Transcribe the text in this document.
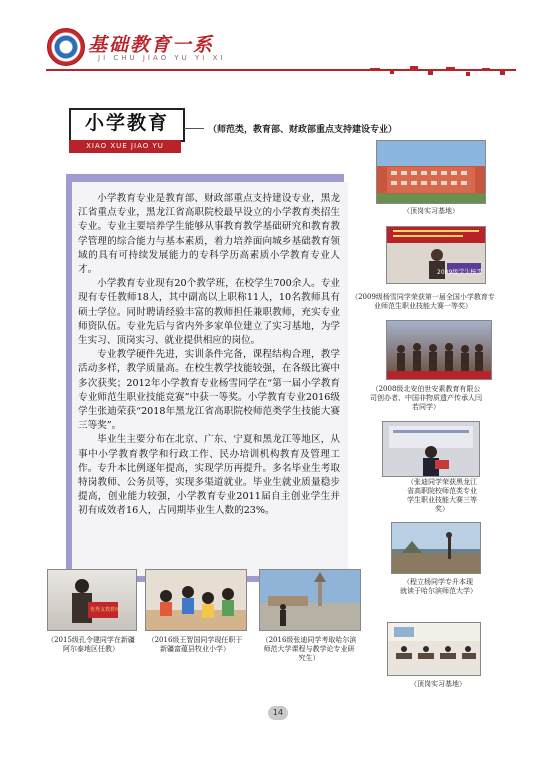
基础教育一系
JI CHU JIAO YU YI XI
小学教育
XIAO XUE JIAO YU
（师范类，教育部、财政部重点支持建设专业）

小学教育专业是教育部、财政部重点支持建设专业，黑龙江省重点专业，黑龙江省高职院校最早设立的小学教育类招生专业。专业主要培养学生能够从事教育教学基础研究和教育教学管理的综合能力与基本素质，着力培养面向城乡基础教育领域的具有可持续发展能力的专科学历高素质小学教育专业人才。

小学教育专业现有20个教学班，在校学生700余人。专业现有专任教师18人，其中副高以上职称11人，10名教师具有硕士学位。同时聘请经验丰富的教师担任兼职教师，充实专业师资队伍。专业先后与省内外多家单位建立了实习基地，为学生实习、顶岗实习、就业提供相应的岗位。

专业教学硬件先进，实训条件完备，课程结构合理，教学活动多样，教学质量高。在校生教学技能较强，在各级比赛中多次获奖；2012年小学教育专业杨雪同学在“第一届小学教育专业师范生职业技能竞赛”中获一等奖。小学教育专业2016级学生张迪荣获“2018年黑龙江省高职院校师范类学生技能大赛三等奖”。

毕业生主要分布在北京、广东、宁夏和黑龙江等地区，从事中小学教育教学和行政工作、民办培训机构教育及管理工作。专升本比例逐年提高，实现学历再提升。多名毕业生考取特岗教师、公务员等，实现多渠道就业。毕业生就业质量稳步提高，创业能力较强，小学教育专业2011届自主创业学生并初有成效者16人，占同期毕业生人数的23%。

（顶岗实习基地）
2009级学生杨雪
（2009级杨雪同学荣获第一届全国小学教育专业师范生职业技能大赛一等奖）
（2008级北安伯世安素教育有限公司创办者、中国非物质遗产传承人闫若同学）
（张迪同学荣获黑龙江省高职院校师范类专业学生职业技能大赛三等奖）
（程立杨同学专升本现就读于哈尔滨师范大学）
（顶岗实习基地）
优秀支教教师
（2015级孔令建同学在新疆阿尔泰地区任教）
（2016级王智国同学现任职于新疆富蕴县牧业小学）
（2016级张迪同学考取哈尔滨师范大学课程与教学论专业研究生）
14
